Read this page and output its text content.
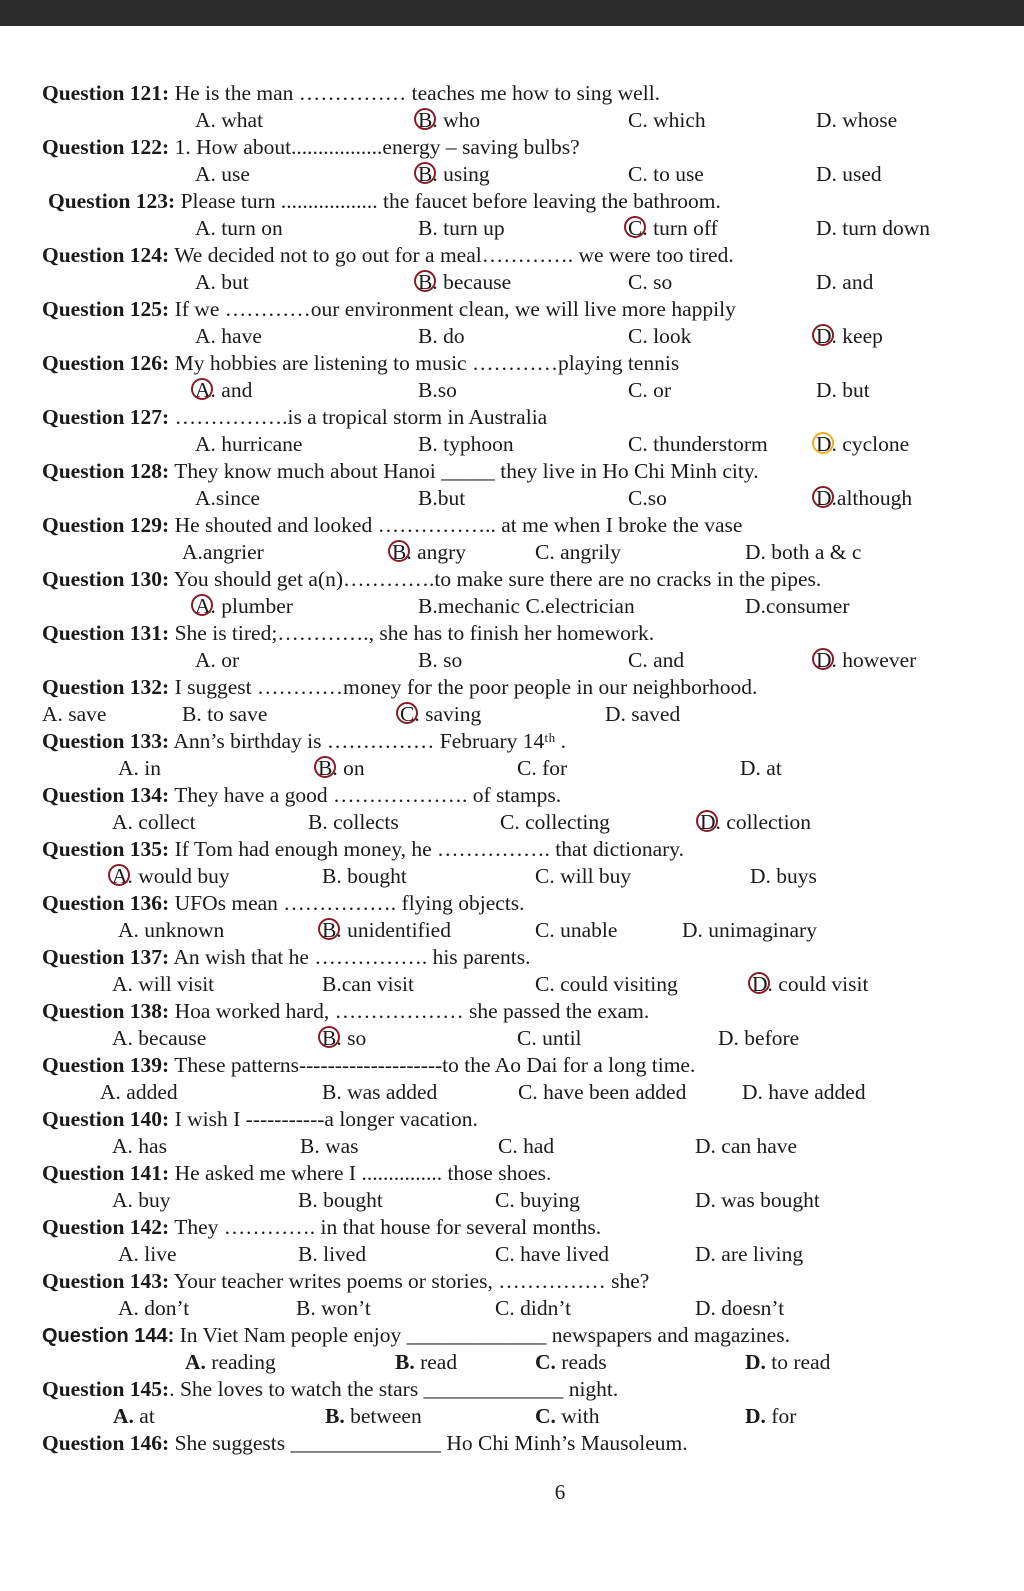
Question 121: He is the man …………… teaches me how to sing well.
A. what	B. who	C. which	D. whose
Question 122: 1. How about.................energy – saving bulbs?
A. use	B. using	C. to use	D. used
Question 123: Please turn .................. the faucet before leaving the bathroom.
A. turn on	B. turn up	C. turn off	D. turn down
Question 124: We decided not to go out for a meal…………. we were too tired.
A. but	B. because	C. so	D. and
Question 125: If we …………our environment clean, we will live more happily
A. have	B. do	C. look	D. keep
Question 126: My hobbies are listening to music …………playing tennis
A. and	B.so	C. or	D. but
Question 127: …………….is a tropical storm in Australia
A. hurricane	B. typhoon	C. thunderstorm D. cyclone
Question 128: They know much about Hanoi _____ they live in Ho Chi Minh city.
A.since	B.but	C.so	D.although
Question 129: He shouted and looked …………….. at me when I broke the vase
A.angrier	B. angry	C. angrily	D. both a & c
Question 130: You should get a(n)………….to make sure there are no cracks in the pipes.
A. plumber	B.mechanic C.electrician	D.consumer
Question 131: She is tired;…………., she has to finish her homework.
A. or	B. so	C. and	D. however
Question 132: I suggest …………money for the poor people in our neighborhood.
A. save	B. to save	C. saving	D. saved
Question 133: Ann’s birthday is …………… February 14ᵗʰ .
A. in	B. on	C. for	D. at
Question 134: They have a good ………………. of stamps.
A. collect	B. collects	C. collecting	D. collection
Question 135: If Tom had enough money, he ……………. that dictionary.
A. would buy	B. bought	C. will buy	D. buys
Question 136: UFOs mean ……………. flying objects.
A. unknown	B. unidentified	C. unable	D. unimaginary
Question 137: An wish that he ……………. his parents.
A. will visit	B.can visit	C. could visiting	D. could visit
Question 138: Hoa worked hard, ……………… she passed the exam.
A. because	B. so	C. until	D. before
Question 139: These patterns--------------------to the Ao Dai for a long time.
A. added	B. was added	C. have been added	D. have added
Question 140: I wish I -----------a longer vacation.
A. has	B. was	C. had	D. can have
Question 141: He asked me where I ............... those shoes.
A. buy	B. bought	C. buying	D. was bought
Question 142: They …………. in that house for several months.
A. live	B. lived	C. have lived	D. are living
Question 143: Your teacher writes poems or stories, …………… she?
A. don’t	B. won’t	C. didn’t	D. doesn’t
Question 144: In Viet Nam people enjoy _____________ newspapers and magazines.
A. reading	B. read	C. reads	D. to read
Question 145:. She loves to watch the stars _____________ night.
A. at	B. between	C. with	D. for
Question 146: She suggests ______________ Ho Chi Minh’s Mausoleum.
6
